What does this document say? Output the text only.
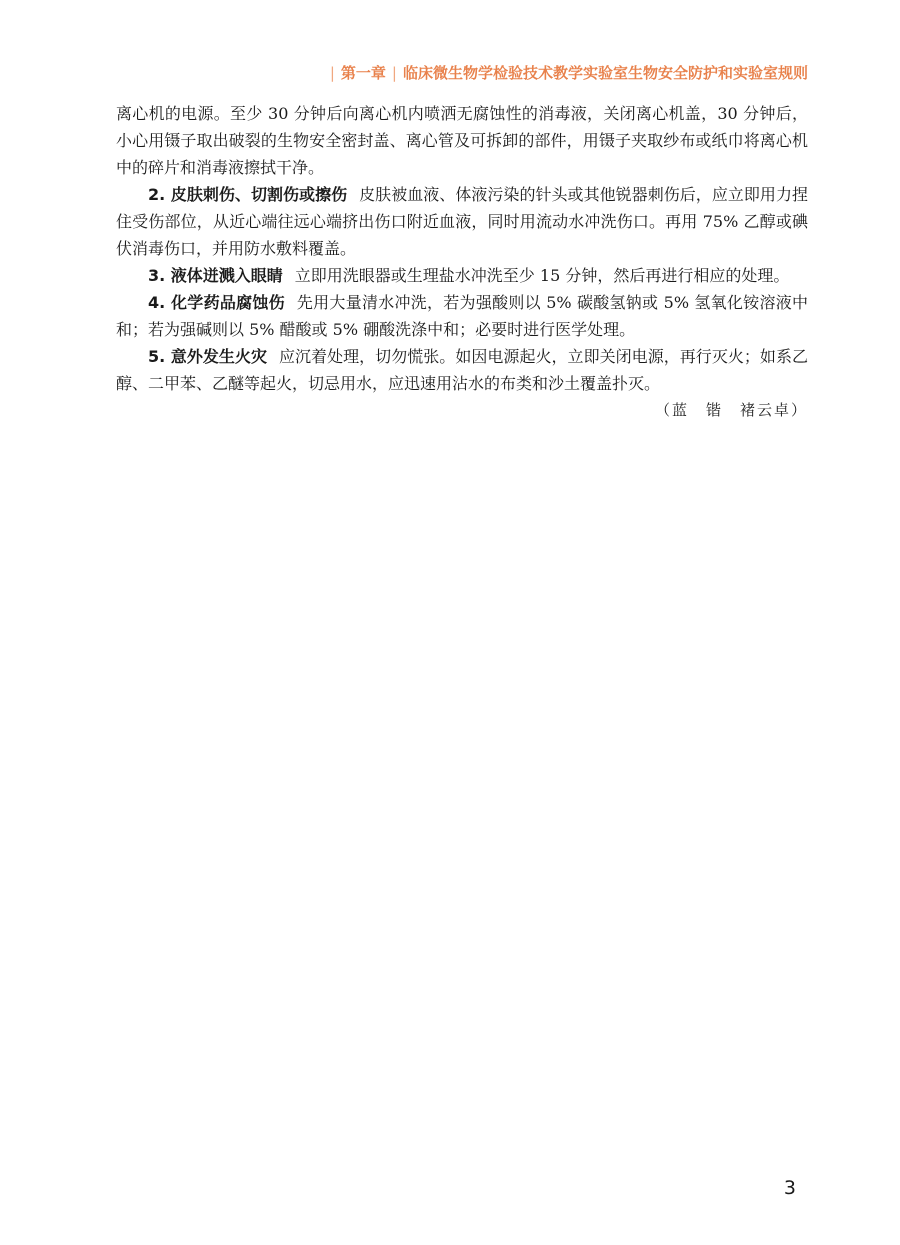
| 第一章 | 临床微生物学检验技术教学实验室生物安全防护和实验室规则

离心机的电源。至少 30 分钟后向离心机内喷洒无腐蚀性的消毒液，关闭离心机盖，30 分钟后，小心用镊子取出破裂的生物安全密封盖、离心管及可拆卸的部件，用镊子夹取纱布或纸巾将离心机中的碎片和消毒液擦拭干净。

2. 皮肤刺伤、切割伤或擦伤 皮肤被血液、体液污染的针头或其他锐器刺伤后，应立即用力捏住受伤部位，从近心端往远心端挤出伤口附近血液，同时用流动水冲洗伤口。再用 75% 乙醇或碘伏消毒伤口，并用防水敷料覆盖。

3. 液体迸溅入眼睛 立即用洗眼器或生理盐水冲洗至少 15 分钟，然后再进行相应的处理。

4. 化学药品腐蚀伤 先用大量清水冲洗，若为强酸则以 5% 碳酸氢钠或 5% 氢氧化铵溶液中和；若为强碱则以 5% 醋酸或 5% 硼酸洗涤中和；必要时进行医学处理。

5. 意外发生火灾 应沉着处理，切勿慌张。如因电源起火，立即关闭电源，再行灭火；如系乙醇、二甲苯、乙醚等起火，切忌用水，应迅速用沾水的布类和沙土覆盖扑灭。

（蓝　锴　褚云卓）

3
